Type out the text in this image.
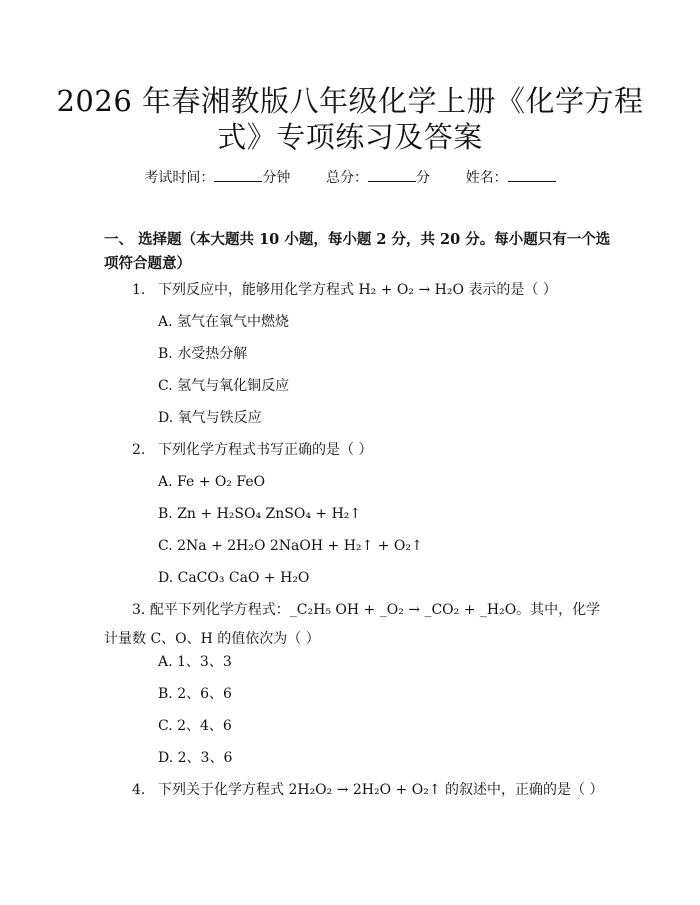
2026 年春湘教版八年级化学上册《化学方程
式》专项练习及答案
考试时间：	分钟	总分：	分	姓名：
一、 选择题（本大题共 10 小题，每小题 2 分，共 20 分。每小题只有一个选项符合题意）
1. 下列反应中，能够用化学方程式 H₂ + O₂ → H₂O 表示的是（ ）
A. 氢气在氧气中燃烧
B. 水受热分解
C. 氢气与氧化铜反应
D. 氧气与铁反应
2. 下列化学方程式书写正确的是（ ）
A. Fe + O₂ FeO
B. Zn + H₂SO₄ ZnSO₄ + H₂↑
C. 2Na + 2H₂O 2NaOH + H₂↑ + O₂↑
D. CaCO₃ CaO + H₂O
3. 配平下列化学方程式：_C₂H₅ OH + _O₂ → _CO₂ + _H₂O。其中，化学计量数 C、O、H 的值依次为（ ）
A. 1、3、3
B. 2、6、6
C. 2、4、6
D. 2、3、6
4. 下列关于化学方程式 2H₂O₂ → 2H₂O + O₂↑ 的叙述中，正确的是（ ）
